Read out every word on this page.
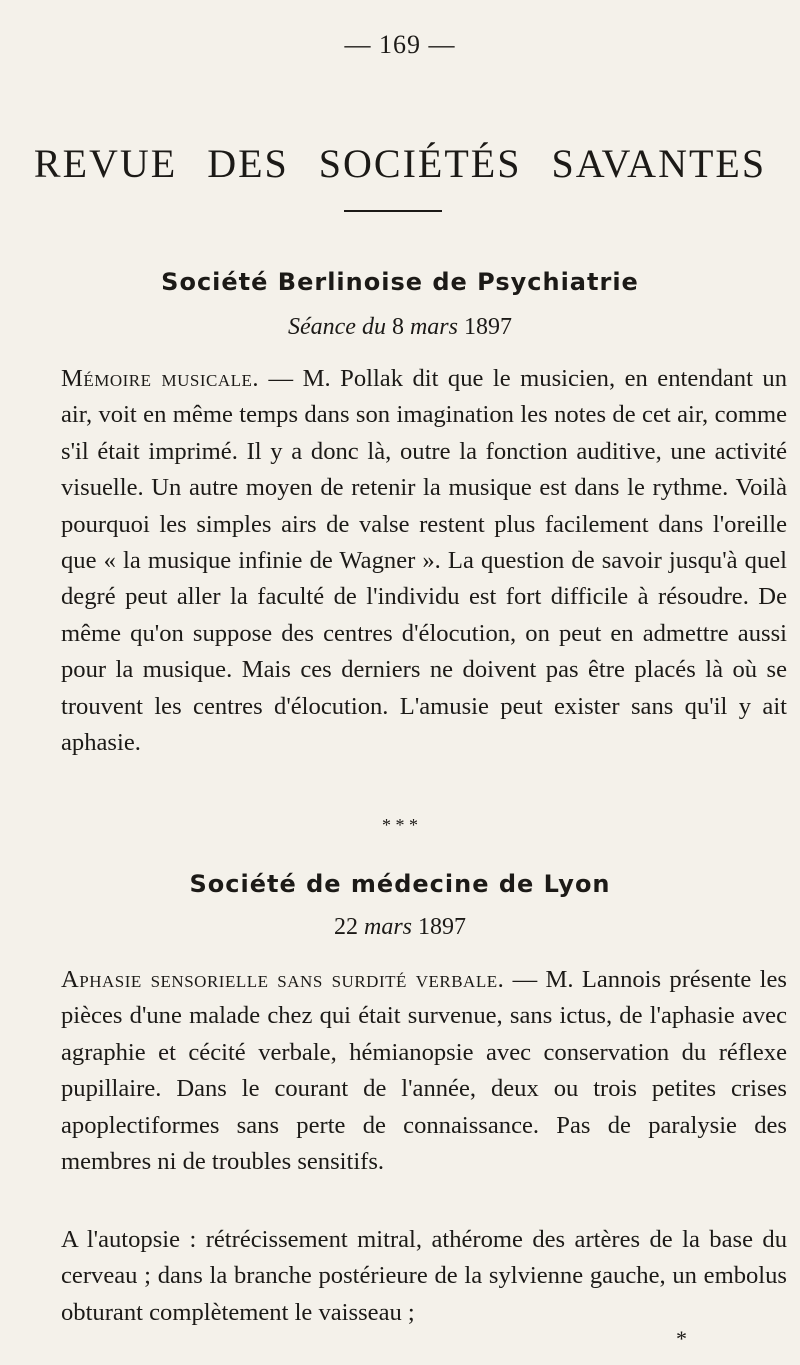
— 169 —
REVUE DES SOCIÉTÉS SAVANTES
Société Berlinoise de Psychiatrie
Séance du 8 mars 1897

Mémoire musicale. — M. Pollak dit que le musicien, en entendant un air, voit en même temps dans son imagination les notes de cet air, comme s'il était imprimé. Il y a donc là, outre la fonction auditive, une activité visuelle. Un autre moyen de retenir la musique est dans le rythme. Voilà pourquoi les simples airs de valse restent plus facilement dans l'oreille que « la musique infinie de Wagner ». La question de savoir jusqu'à quel degré peut aller la faculté de l'individu est fort difficile à résoudre. De même qu'on suppose des centres d'élocution, on peut en admettre aussi pour la musique. Mais ces derniers ne doivent pas être placés là où se trouvent les centres d'élocution. L'amusie peut exister sans qu'il y ait aphasie.

* * *
Société de médecine de Lyon
22 mars 1897

Aphasie sensorielle sans surdité verbale. — M. Lannois présente les pièces d'une malade chez qui était survenue, sans ictus, de l'aphasie avec agraphie et cécité verbale, hémianopsie avec conservation du réflexe pupillaire. Dans le courant de l'année, deux ou trois petites crises apoplectiformes sans perte de connaissance. Pas de paralysie des membres ni de troubles sensitifs.

A l'autopsie : rétrécissement mitral, athérome des artères de la base du cerveau ; dans la branche postérieure de la sylvienne gauche, un embolus obturant complètement le vaisseau ;

*
